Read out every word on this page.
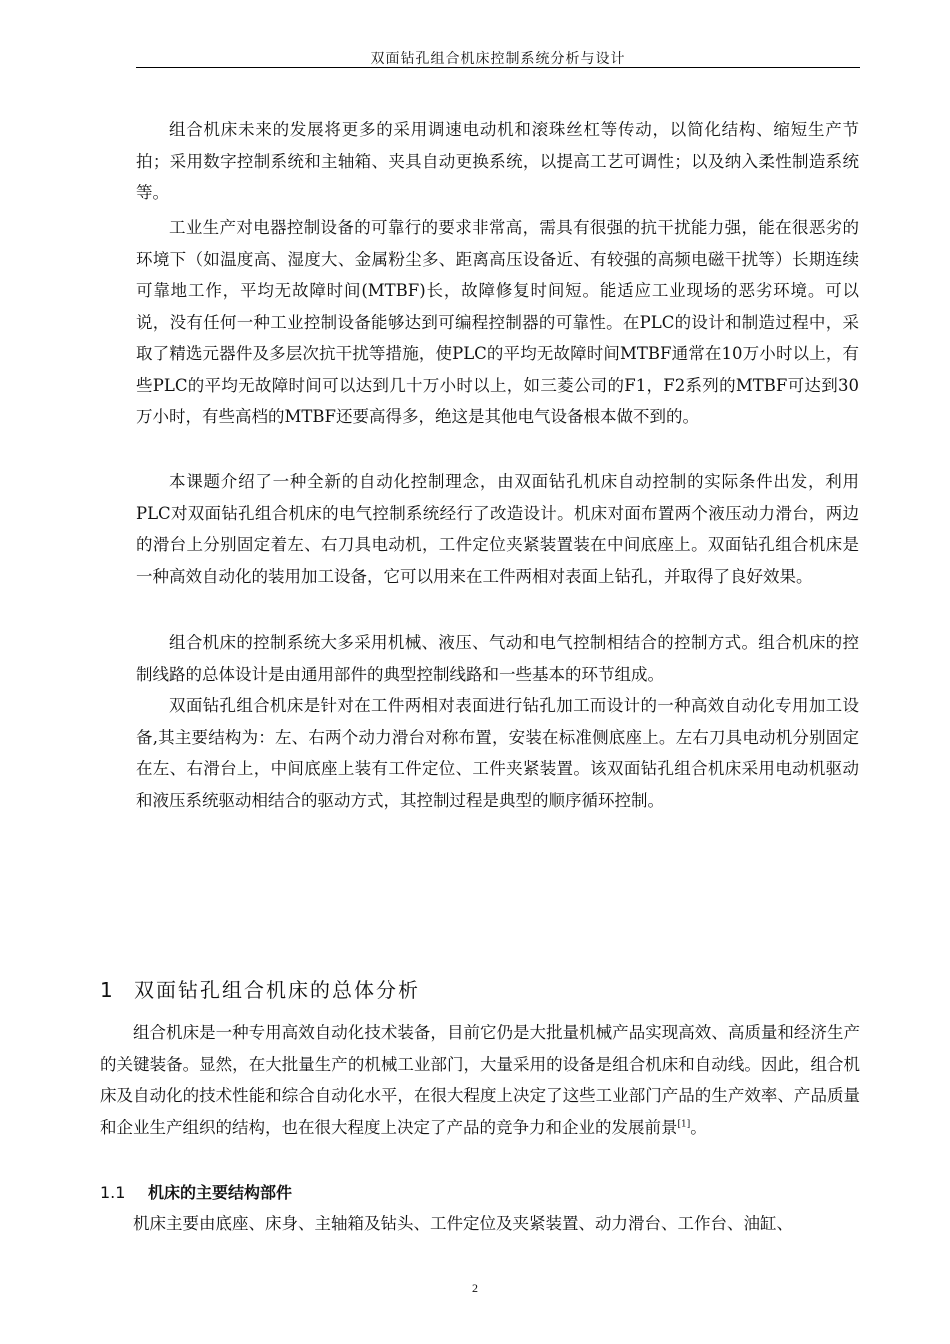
双面钻孔组合机床控制系统分析与设计

组合机床未来的发展将更多的采用调速电动机和滚珠丝杠等传动，以简化结构、缩短生产节拍；采用数字控制系统和主轴箱、夹具自动更换系统，以提高工艺可调性；以及纳入柔性制造系统等。

工业生产对电器控制设备的可靠行的要求非常高，需具有很强的抗干扰能力强，能在很恶劣的环境下（如温度高、湿度大、金属粉尘多、距离高压设备近、有较强的高频电磁干扰等）长期连续可靠地工作，平均无故障时间(MTBF)长，故障修复时间短。能适应工业现场的恶劣环境。可以说，没有任何一种工业控制设备能够达到可编程控制器的可靠性。在PLC的设计和制造过程中，采取了精选元器件及多层次抗干扰等措施，使PLC的平均无故障时间MTBF通常在10万小时以上，有些PLC的平均无故障时间可以达到几十万小时以上，如三菱公司的F1，F2系列的MTBF可达到30万小时，有些高档的MTBF还要高得多，绝这是其他电气设备根本做不到的。

本课题介绍了一种全新的自动化控制理念，由双面钻孔机床自动控制的实际条件出发，利用PLC对双面钻孔组合机床的电气控制系统经行了改造设计。机床对面布置两个液压动力滑台，两边的滑台上分别固定着左、右刀具电动机，工件定位夹紧装置装在中间底座上。双面钻孔组合机床是一种高效自动化的装用加工设备，它可以用来在工件两相对表面上钻孔，并取得了良好效果。

组合机床的控制系统大多采用机械、液压、气动和电气控制相结合的控制方式。组合机床的控制线路的总体设计是由通用部件的典型控制线路和一些基本的环节组成。

双面钻孔组合机床是针对在工件两相对表面进行钻孔加工而设计的一种高效自动化专用加工设备,其主要结构为：左、右两个动力滑台对称布置，安装在标准侧底座上。左右刀具电动机分别固定在左、右滑台上，中间底座上装有工件定位、工件夹紧装置。该双面钻孔组合机床采用电动机驱动和液压系统驱动相结合的驱动方式，其控制过程是典型的顺序循环控制。

1 双面钻孔组合机床的总体分析

组合机床是一种专用高效自动化技术装备，目前它仍是大批量机械产品实现高效、高质量和经济生产的关键装备。显然，在大批量生产的机械工业部门，大量采用的设备是组合机床和自动线。因此，组合机床及自动化的技术性能和综合自动化水平，在很大程度上决定了这些工业部门产品的生产效率、产品质量和企业生产组织的结构，也在很大程度上决定了产品的竞争力和企业的发展前景[1]。

1.1 机床的主要结构部件

机床主要由底座、床身、主轴箱及钻头、工件定位及夹紧装置、动力滑台、工作台、油缸、

2
